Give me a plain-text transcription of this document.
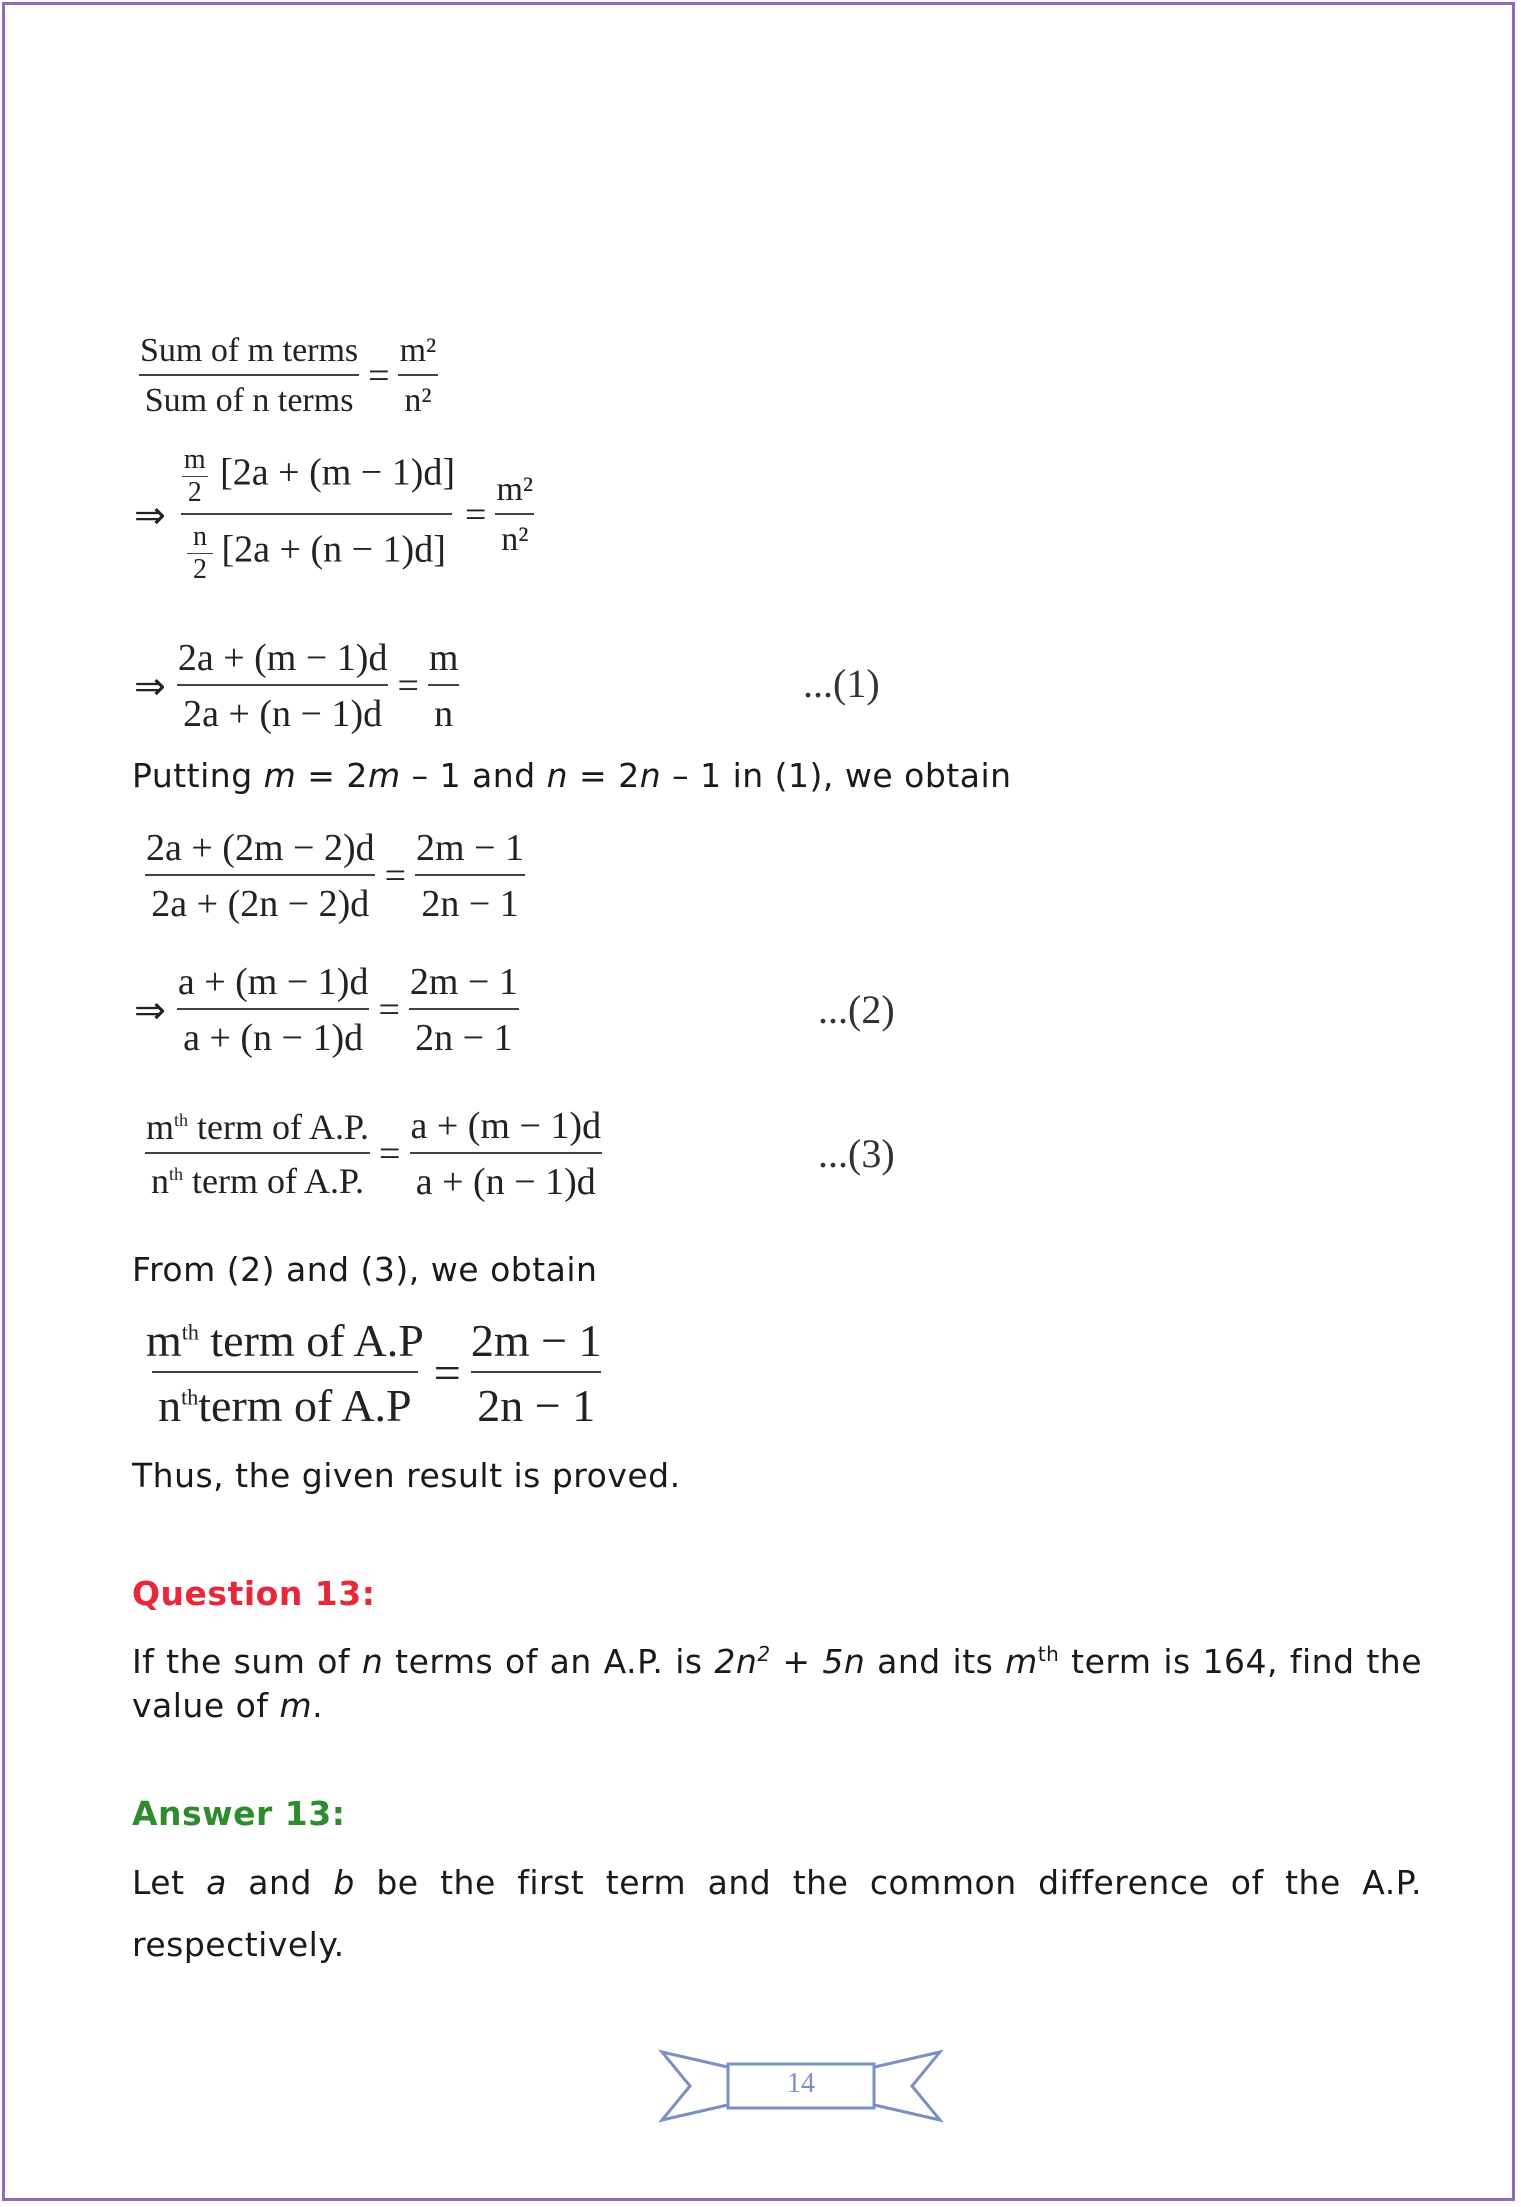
$\frac{\text{Sum of m terms}}{\text{Sum of n terms}} = \frac{\text{m²}}{\text{n²}}$
⇒ $\frac{\frac{m}{2} [2a + (m - 1)d]}{\frac{n}{2} [2a + (n - 1)d]} = \frac{\text{m²}}{\text{n²}}$
⇒ $\frac{2a + (m - 1)d}{2a + (n - 1)d} = \frac{m}{n}$	...(1)
Putting m = 2m – 1 and n = 2n – 1 in (1), we obtain
$\frac{2a + (2m - 2)d}{2a + (2n - 2)d} = \frac{2m - 1}{2n - 1}$
⇒ $\frac{a + (m - 1)d}{a + (n - 1)d} = \frac{2m - 1}{2n - 1}$	...(2)
$\frac{m^{th} term of A.P.}{n^{th} term of A.P.} = \frac{a + (m - 1)d}{a + (n - 1)d}$	...(3)
From (2) and (3), we obtain
$\frac{m^{th} term of A.P}{n^{th}term of A.P} = \frac{2m - 1}{2n - 1}$
Thus, the given result is proved.
Question 13:
If the sum of n terms of an A.P. is $2n^2 + 5n$ and its $m^{th}$ term is 164, find the
value of m.
Answer 13:
Let a and b be the first term and the common difference of the A.P.
respectively.
14
